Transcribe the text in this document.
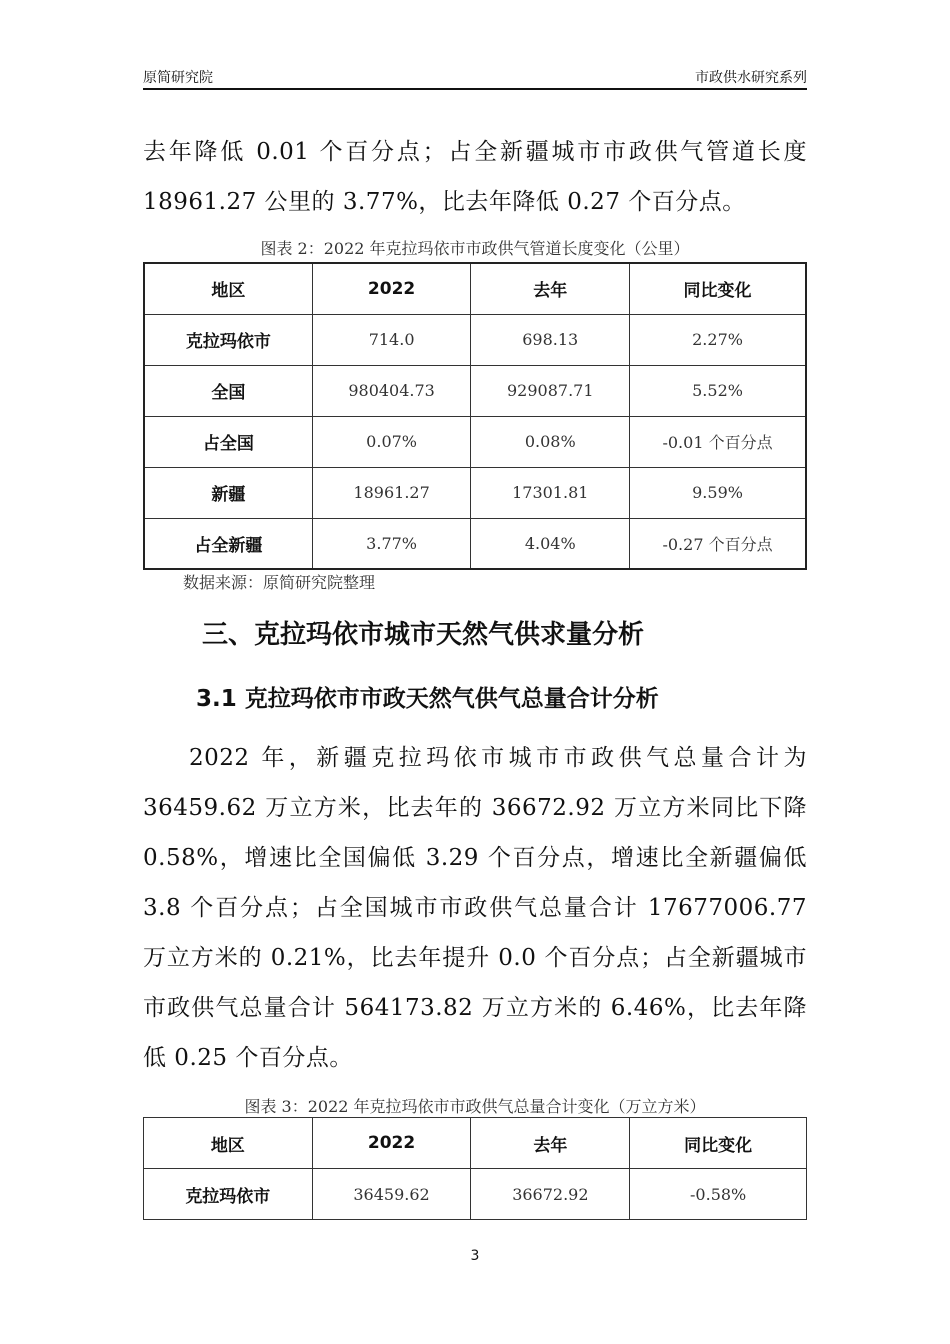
原简研究院	市政供水研究系列
去年降低 0.01 个百分点；占全新疆城市市政供气管道长度 18961.27 公里的 3.77%，比去年降低 0.27 个百分点。
图表 2：2022 年克拉玛依市市政供气管道长度变化（公里）
地区	2022	去年	同比变化
克拉玛依市	714.0	698.13	2.27%
全国	980404.73	929087.71	5.52%
占全国	0.07%	0.08%	-0.01 个百分点
新疆	18961.27	17301.81	9.59%
占全新疆	3.77%	4.04%	-0.27 个百分点
数据来源：原简研究院整理
三、克拉玛依市城市天然气供求量分析
3.1 克拉玛依市市政天然气供气总量合计分析
2022 年，新疆克拉玛依市城市市政供气总量合计为 36459.62 万立方米，比去年的 36672.92 万立方米同比下降 0.58%，增速比全国偏低 3.29 个百分点，增速比全新疆偏低 3.8 个百分点；占全国城市市政供气总量合计 17677006.77 万立方米的 0.21%，比去年提升 0.0 个百分点；占全新疆城市市政供气总量合计 564173.82 万立方米的 6.46%，比去年降低 0.25 个百分点。
图表 3：2022 年克拉玛依市市政供气总量合计变化（万立方米）
地区	2022	去年	同比变化
克拉玛依市	36459.62	36672.92	-0.58%
3
